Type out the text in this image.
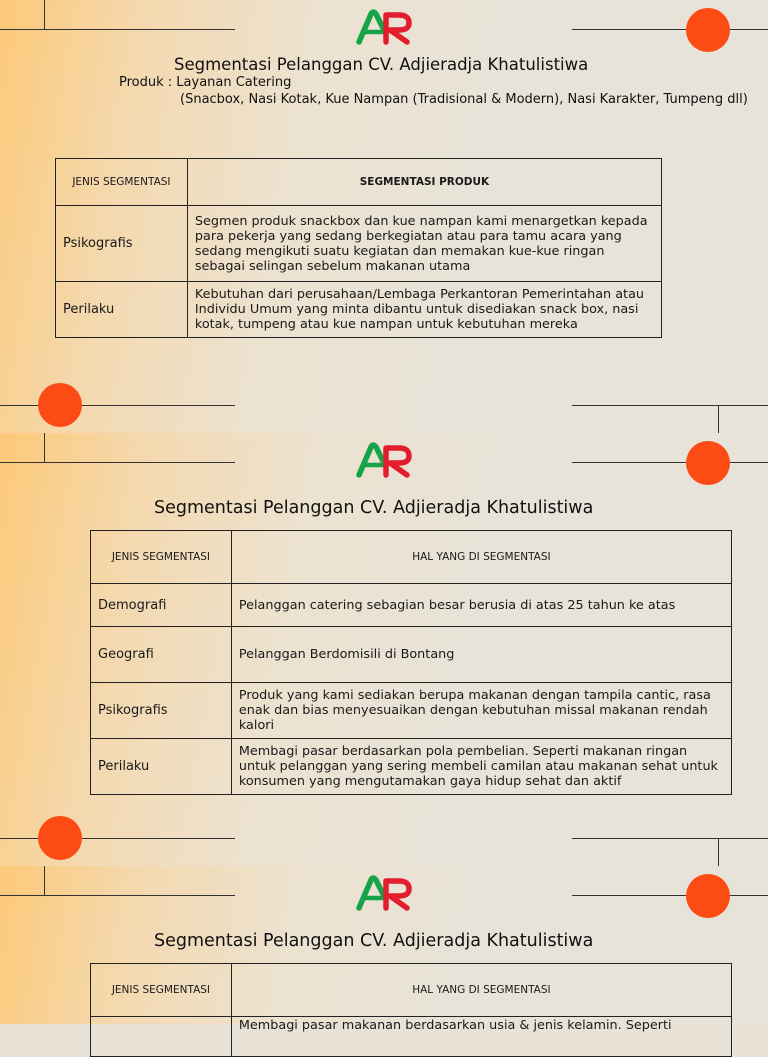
Segmentasi Pelanggan CV. Adjieradja Khatulistiwa
Produk : Layanan Catering
(Snacbox, Nasi Kotak, Kue Nampan (Tradisional & Modern), Nasi Karakter, Tumpeng dll)
JENIS SEGMENTASI	SEGMENTASI PRODUK
Psikografis	Segmen produk snackbox dan kue nampan kami menargetkan kepada para pekerja yang sedang berkegiatan atau para tamu acara yang sedang mengikuti suatu kegiatan dan memakan kue-kue ringan sebagai selingan sebelum makanan utama
Perilaku	Kebutuhan dari perusahaan/Lembaga Perkantoran Pemerintahan atau Individu Umum yang minta dibantu untuk disediakan snack box, nasi kotak, tumpeng atau kue nampan untuk kebutuhan mereka
Segmentasi Pelanggan CV. Adjieradja Khatulistiwa
JENIS SEGMENTASI	HAL YANG DI SEGMENTASI
Demografi	Pelanggan catering sebagian besar berusia di atas 25 tahun ke atas
Geografi	Pelanggan Berdomisili di Bontang
Psikografis	Produk yang kami sediakan berupa makanan dengan tampila cantic, rasa enak dan bias menyesuaikan dengan kebutuhan missal makanan rendah kalori
Perilaku	Membagi pasar berdasarkan pola pembelian. Seperti makanan ringan untuk pelanggan yang sering membeli camilan atau makanan sehat untuk konsumen yang mengutamakan gaya hidup sehat dan aktif
Segmentasi Pelanggan CV. Adjieradja Khatulistiwa
JENIS SEGMENTASI	HAL YANG DI SEGMENTASI
	Membagi pasar makanan berdasarkan usia & jenis kelamin. Seperti
